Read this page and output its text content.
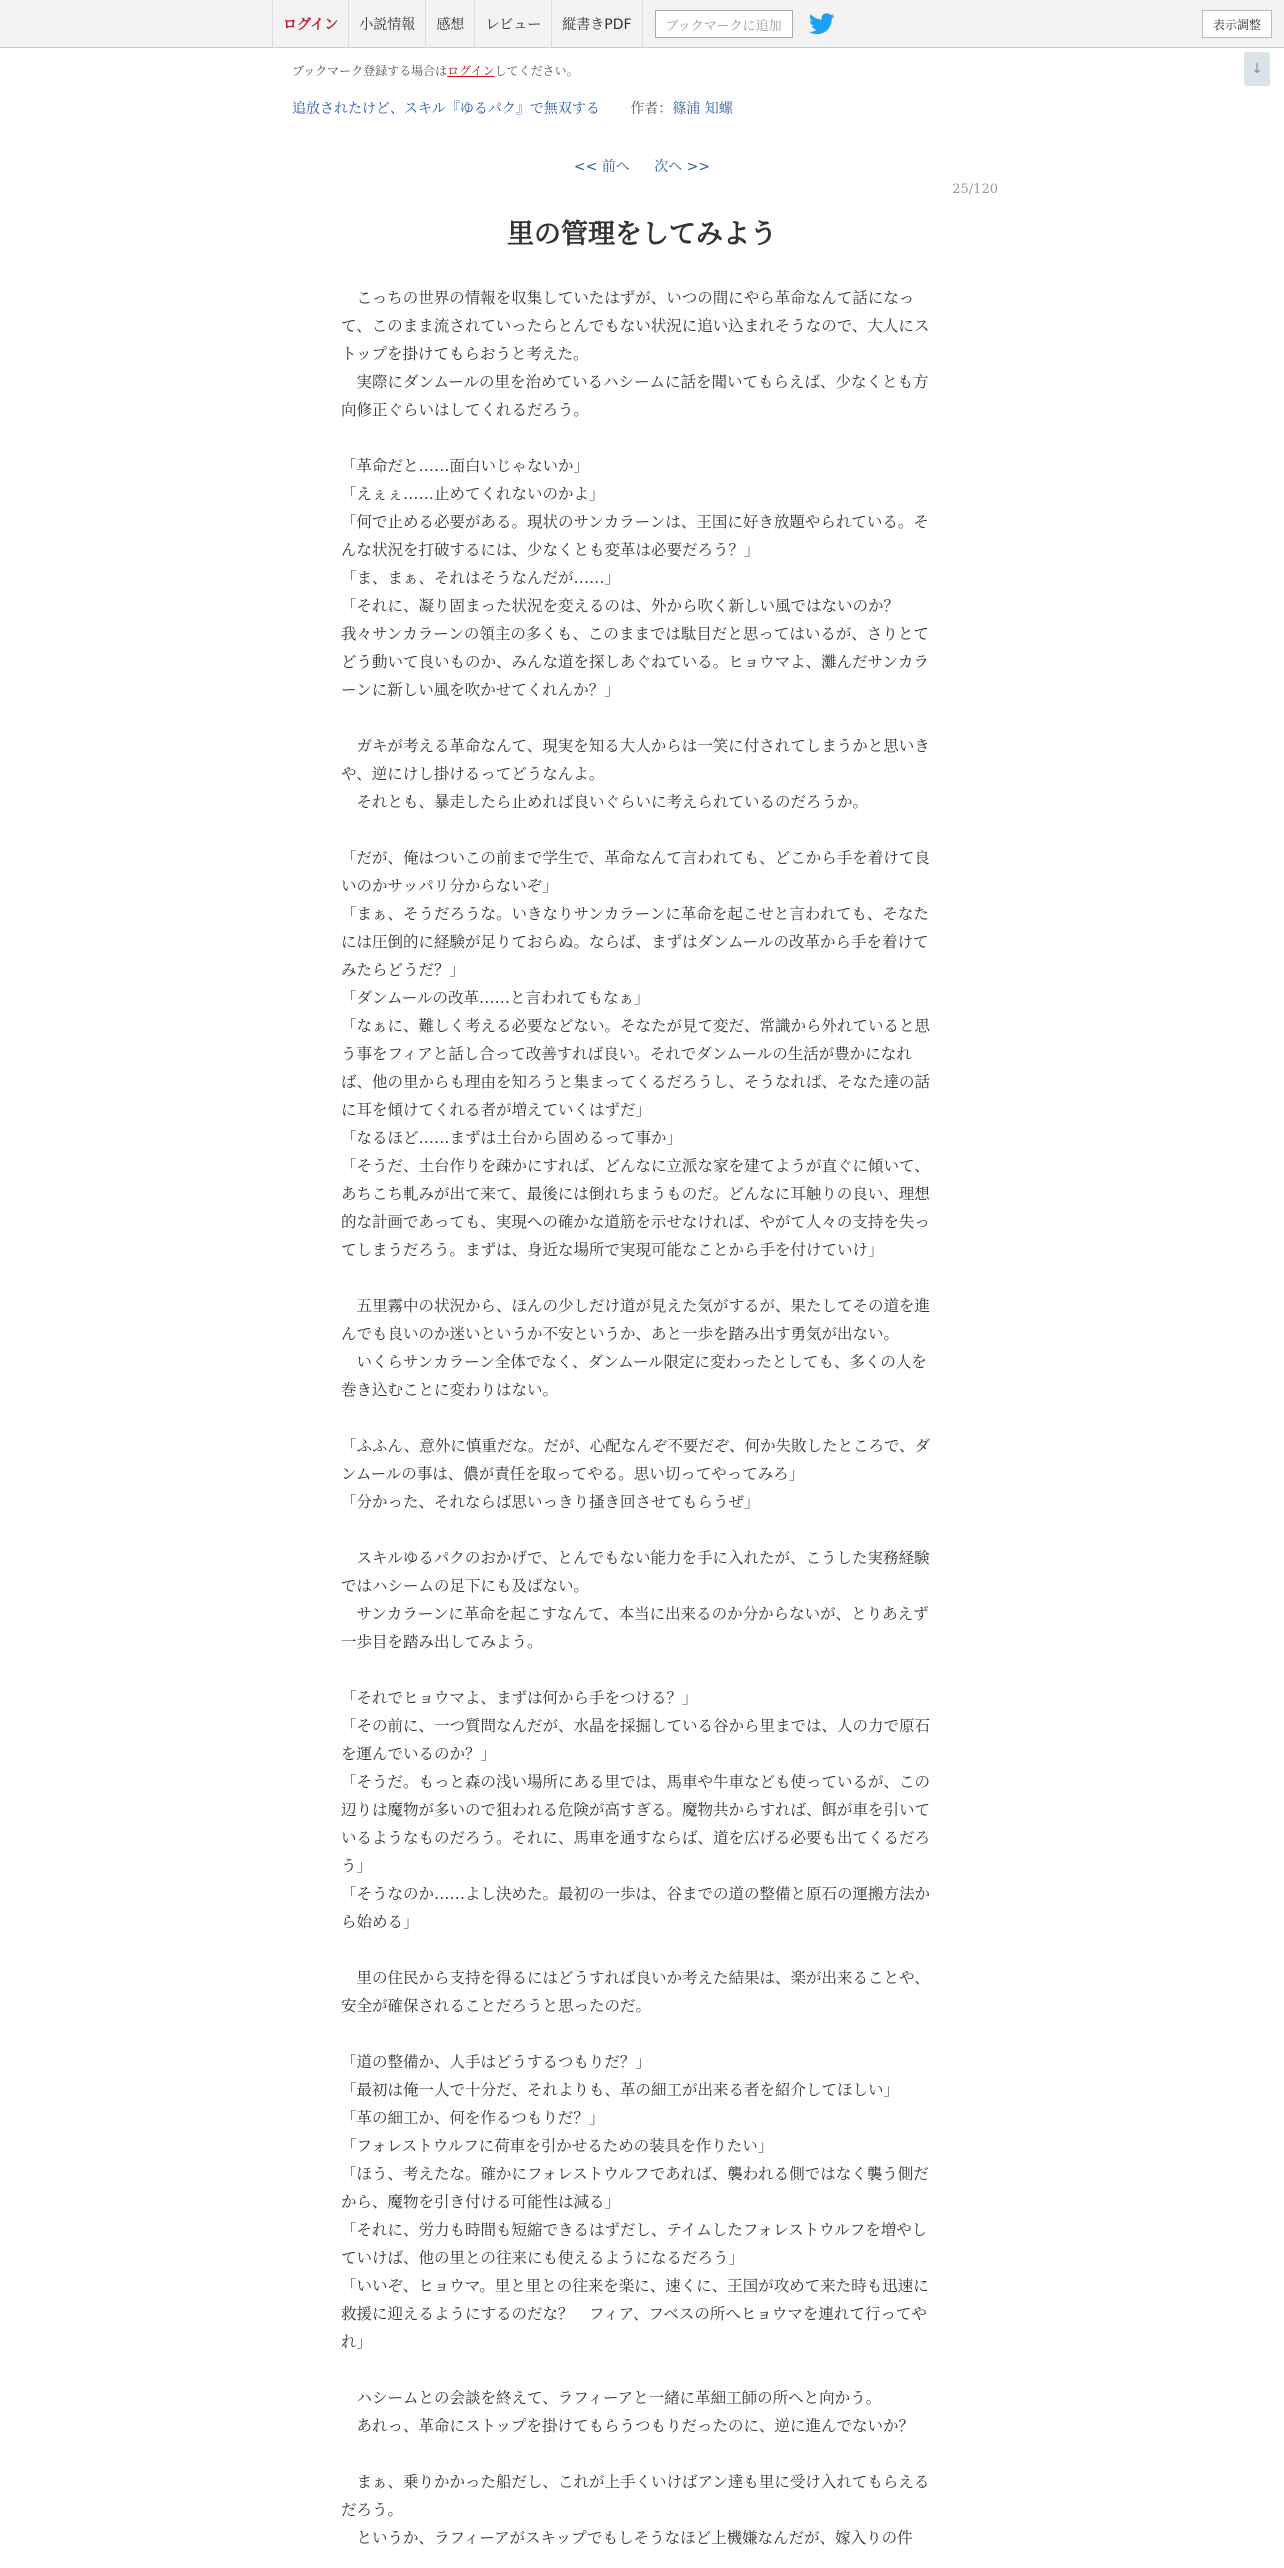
ログイン	小説情報	感想	レビュー	縦書きPDF	ブックマークに追加	表示調整
↓
ブックマーク登録する場合はログインしてください。
追放されたけど、スキル『ゆるパク』で無双する 作者：篠浦 知螺
<< 前へ 次へ >>
25/120
里の管理をしてみよう

　こっちの世界の情報を収集していたはずが、いつの間にやら革命なんて話になって、このまま流されていったらとんでもない状況に追い込まれそうなので、大人にストップを掛けてもらおうと考えた。

　実際にダンムールの里を治めているハシームに話を聞いてもらえば、少なくとも方向修正ぐらいはしてくれるだろう。

「革命だと……面白いじゃないか」

「えぇぇ……止めてくれないのかよ」

「何で止める必要がある。現状のサンカラーンは、王国に好き放題やられている。そんな状況を打破するには、少なくとも変革は必要だろう？」

「ま、まぁ、それはそうなんだが……」

「それに、凝り固まった状況を変えるのは、外から吹く新しい風ではないのか？　我々サンカラーンの領主の多くも、このままでは駄目だと思ってはいるが、さりとてどう動いて良いものか、みんな道を探しあぐねている。ヒョウマよ、灘んだサンカラーンに新しい風を吹かせてくれんか？」

　ガキが考える革命なんて、現実を知る大人からは一笑に付されてしまうかと思いきや、逆にけし掛けるってどうなんよ。

　それとも、暴走したら止めれば良いぐらいに考えられているのだろうか。

「だが、俺はついこの前まで学生で、革命なんて言われても、どこから手を着けて良いのかサッパリ分からないぞ」

「まぁ、そうだろうな。いきなりサンカラーンに革命を起こせと言われても、そなたには圧倒的に経験が足りておらぬ。ならば、まずはダンムールの改革から手を着けてみたらどうだ？」

「ダンムールの改革……と言われてもなぁ」

「なぁに、難しく考える必要などない。そなたが見て変だ、常識から外れていると思う事をフィアと話し合って改善すれば良い。それでダンムールの生活が豊かになれば、他の里からも理由を知ろうと集まってくるだろうし、そうなれば、そなた達の話に耳を傾けてくれる者が増えていくはずだ」

「なるほど……まずは土台から固めるって事か」

「そうだ、土台作りを疎かにすれば、どんなに立派な家を建てようが直ぐに傾いて、あちこち軋みが出て来て、最後には倒れちまうものだ。どんなに耳触りの良い、理想的な計画であっても、実現への確かな道筋を示せなければ、やがて人々の支持を失ってしまうだろう。まずは、身近な場所で実現可能なことから手を付けていけ」

　五里霧中の状況から、ほんの少しだけ道が見えた気がするが、果たしてその道を進んでも良いのか迷いというか不安というか、あと一歩を踏み出す勇気が出ない。

　いくらサンカラーン全体でなく、ダンムール限定に変わったとしても、多くの人を巻き込むことに変わりはない。

「ふふん、意外に慎重だな。だが、心配なんぞ不要だぞ、何か失敗したところで、ダンムールの事は、儂が責任を取ってやる。思い切ってやってみろ」

「分かった、それならば思いっきり搔き回させてもらうぜ」

　スキルゆるパクのおかげで、とんでもない能力を手に入れたが、こうした実務経験ではハシームの足下にも及ばない。

　サンカラーンに革命を起こすなんて、本当に出来るのか分からないが、とりあえず一歩目を踏み出してみよう。

「それでヒョウマよ、まずは何から手をつける？」

「その前に、一つ質問なんだが、水晶を採掘している谷から里までは、人の力で原石を運んでいるのか？」

「そうだ。もっと森の浅い場所にある里では、馬車や牛車なども使っているが、この辺りは魔物が多いので狙われる危険が高すぎる。魔物共からすれば、餌が車を引いているようなものだろう。それに、馬車を通すならば、道を広げる必要も出てくるだろう」

「そうなのか……よし決めた。最初の一歩は、谷までの道の整備と原石の運搬方法から始める」

　里の住民から支持を得るにはどうすれば良いか考えた結果は、楽が出来ることや、安全が確保されることだろうと思ったのだ。

「道の整備か、人手はどうするつもりだ？」

「最初は俺一人で十分だ、それよりも、革の細工が出来る者を紹介してほしい」

「革の細工か、何を作るつもりだ？」

「フォレストウルフに荷車を引かせるための装具を作りたい」

「ほう、考えたな。確かにフォレストウルフであれば、襲われる側ではなく襲う側だから、魔物を引き付ける可能性は減る」

「それに、労力も時間も短縮できるはずだし、テイムしたフォレストウルフを増やしていけば、他の里との往来にも使えるようになるだろう」

「いいぞ、ヒョウマ。里と里との往来を楽に、速くに、王国が攻めて来た時も迅速に救援に迎えるようにするのだな？　フィア、フベスの所へヒョウマを連れて行ってやれ」

　ハシームとの会談を終えて、ラフィーアと一緒に革細工師の所へと向かう。

　あれっ、革命にストップを掛けてもらうつもりだったのに、逆に進んでないか？

　まぁ、乗りかかった船だし、これが上手くいけばアン達も里に受け入れてもらえるだろう。

　というか、ラフィーアがスキップでもしそうなほど上機嫌なんだが、嫁入りの件
